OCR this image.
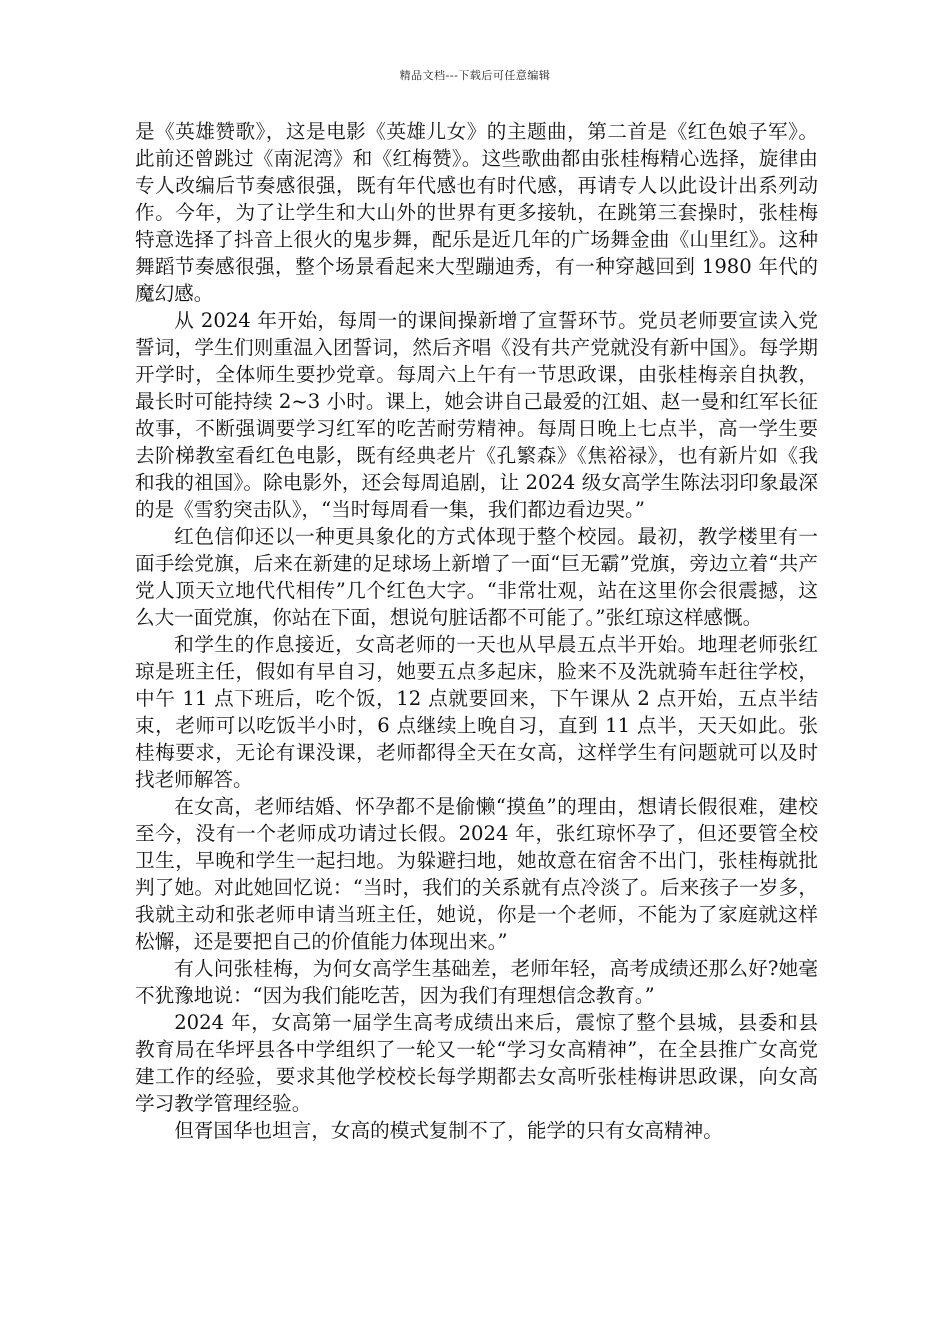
精品文档---下载后可任意编辑

是《英雄赞歌》，这是电影《英雄儿女》的主题曲，第二首是《红色娘子军》。此前还曾跳过《南泥湾》和《红梅赞》。这些歌曲都由张桂梅精心选择，旋律由专人改编后节奏感很强，既有年代感也有时代感，再请专人以此设计出系列动作。今年，为了让学生和大山外的世界有更多接轨，在跳第三套操时，张桂梅特意选择了抖音上很火的鬼步舞，配乐是近几年的广场舞金曲《山里红》。这种舞蹈节奏感很强，整个场景看起来大型蹦迪秀，有一种穿越回到 1980 年代的魔幻感。

从 2024 年开始，每周一的课间操新增了宣誓环节。党员老师要宣读入党誓词，学生们则重温入团誓词，然后齐唱《没有共产党就没有新中国》。每学期开学时，全体师生要抄党章。每周六上午有一节思政课，由张桂梅亲自执教，最长时可能持续 2~3 小时。课上，她会讲自己最爱的江姐、赵一曼和红军长征故事，不断强调要学习红军的吃苦耐劳精神。每周日晚上七点半，高一学生要去阶梯教室看红色电影，既有经典老片《孔繁森》《焦裕禄》，也有新片如《我和我的祖国》。除电影外，还会每周追剧，让 2024 级女高学生陈法羽印象最深的是《雪豹突击队》，“当时每周看一集，我们都边看边哭。”

红色信仰还以一种更具象化的方式体现于整个校园。最初，教学楼里有一面手绘党旗，后来在新建的足球场上新增了一面“巨无霸”党旗，旁边立着“共产党人顶天立地代代相传”几个红色大字。“非常壮观，站在这里你会很震撼，这么大一面党旗，你站在下面，想说句脏话都不可能了。”张红琼这样感慨。

和学生的作息接近，女高老师的一天也从早晨五点半开始。地理老师张红琼是班主任，假如有早自习，她要五点多起床，脸来不及洗就骑车赶往学校，中午 11 点下班后，吃个饭，12 点就要回来，下午课从 2 点开始，五点半结束，老师可以吃饭半小时，6 点继续上晚自习，直到 11 点半，天天如此。张桂梅要求，无论有课没课，老师都得全天在女高，这样学生有问题就可以及时找老师解答。

在女高，老师结婚、怀孕都不是偷懒“摸鱼”的理由，想请长假很难，建校至今，没有一个老师成功请过长假。2024 年，张红琼怀孕了，但还要管全校卫生，早晚和学生一起扫地。为躲避扫地，她故意在宿舍不出门，张桂梅就批判了她。对此她回忆说：“当时，我们的关系就有点冷淡了。后来孩子一岁多，我就主动和张老师申请当班主任，她说，你是一个老师，不能为了家庭就这样松懈，还是要把自己的价值能力体现出来。”

有人问张桂梅，为何女高学生基础差，老师年轻，高考成绩还那么好?她毫不犹豫地说：“因为我们能吃苦，因为我们有理想信念教育。”

2024 年，女高第一届学生高考成绩出来后，震惊了整个县城，县委和县教育局在华坪县各中学组织了一轮又一轮“学习女高精神”，在全县推广女高党建工作的经验，要求其他学校校长每学期都去女高听张桂梅讲思政课，向女高学习教学管理经验。

但胥国华也坦言，女高的模式复制不了，能学的只有女高精神。
